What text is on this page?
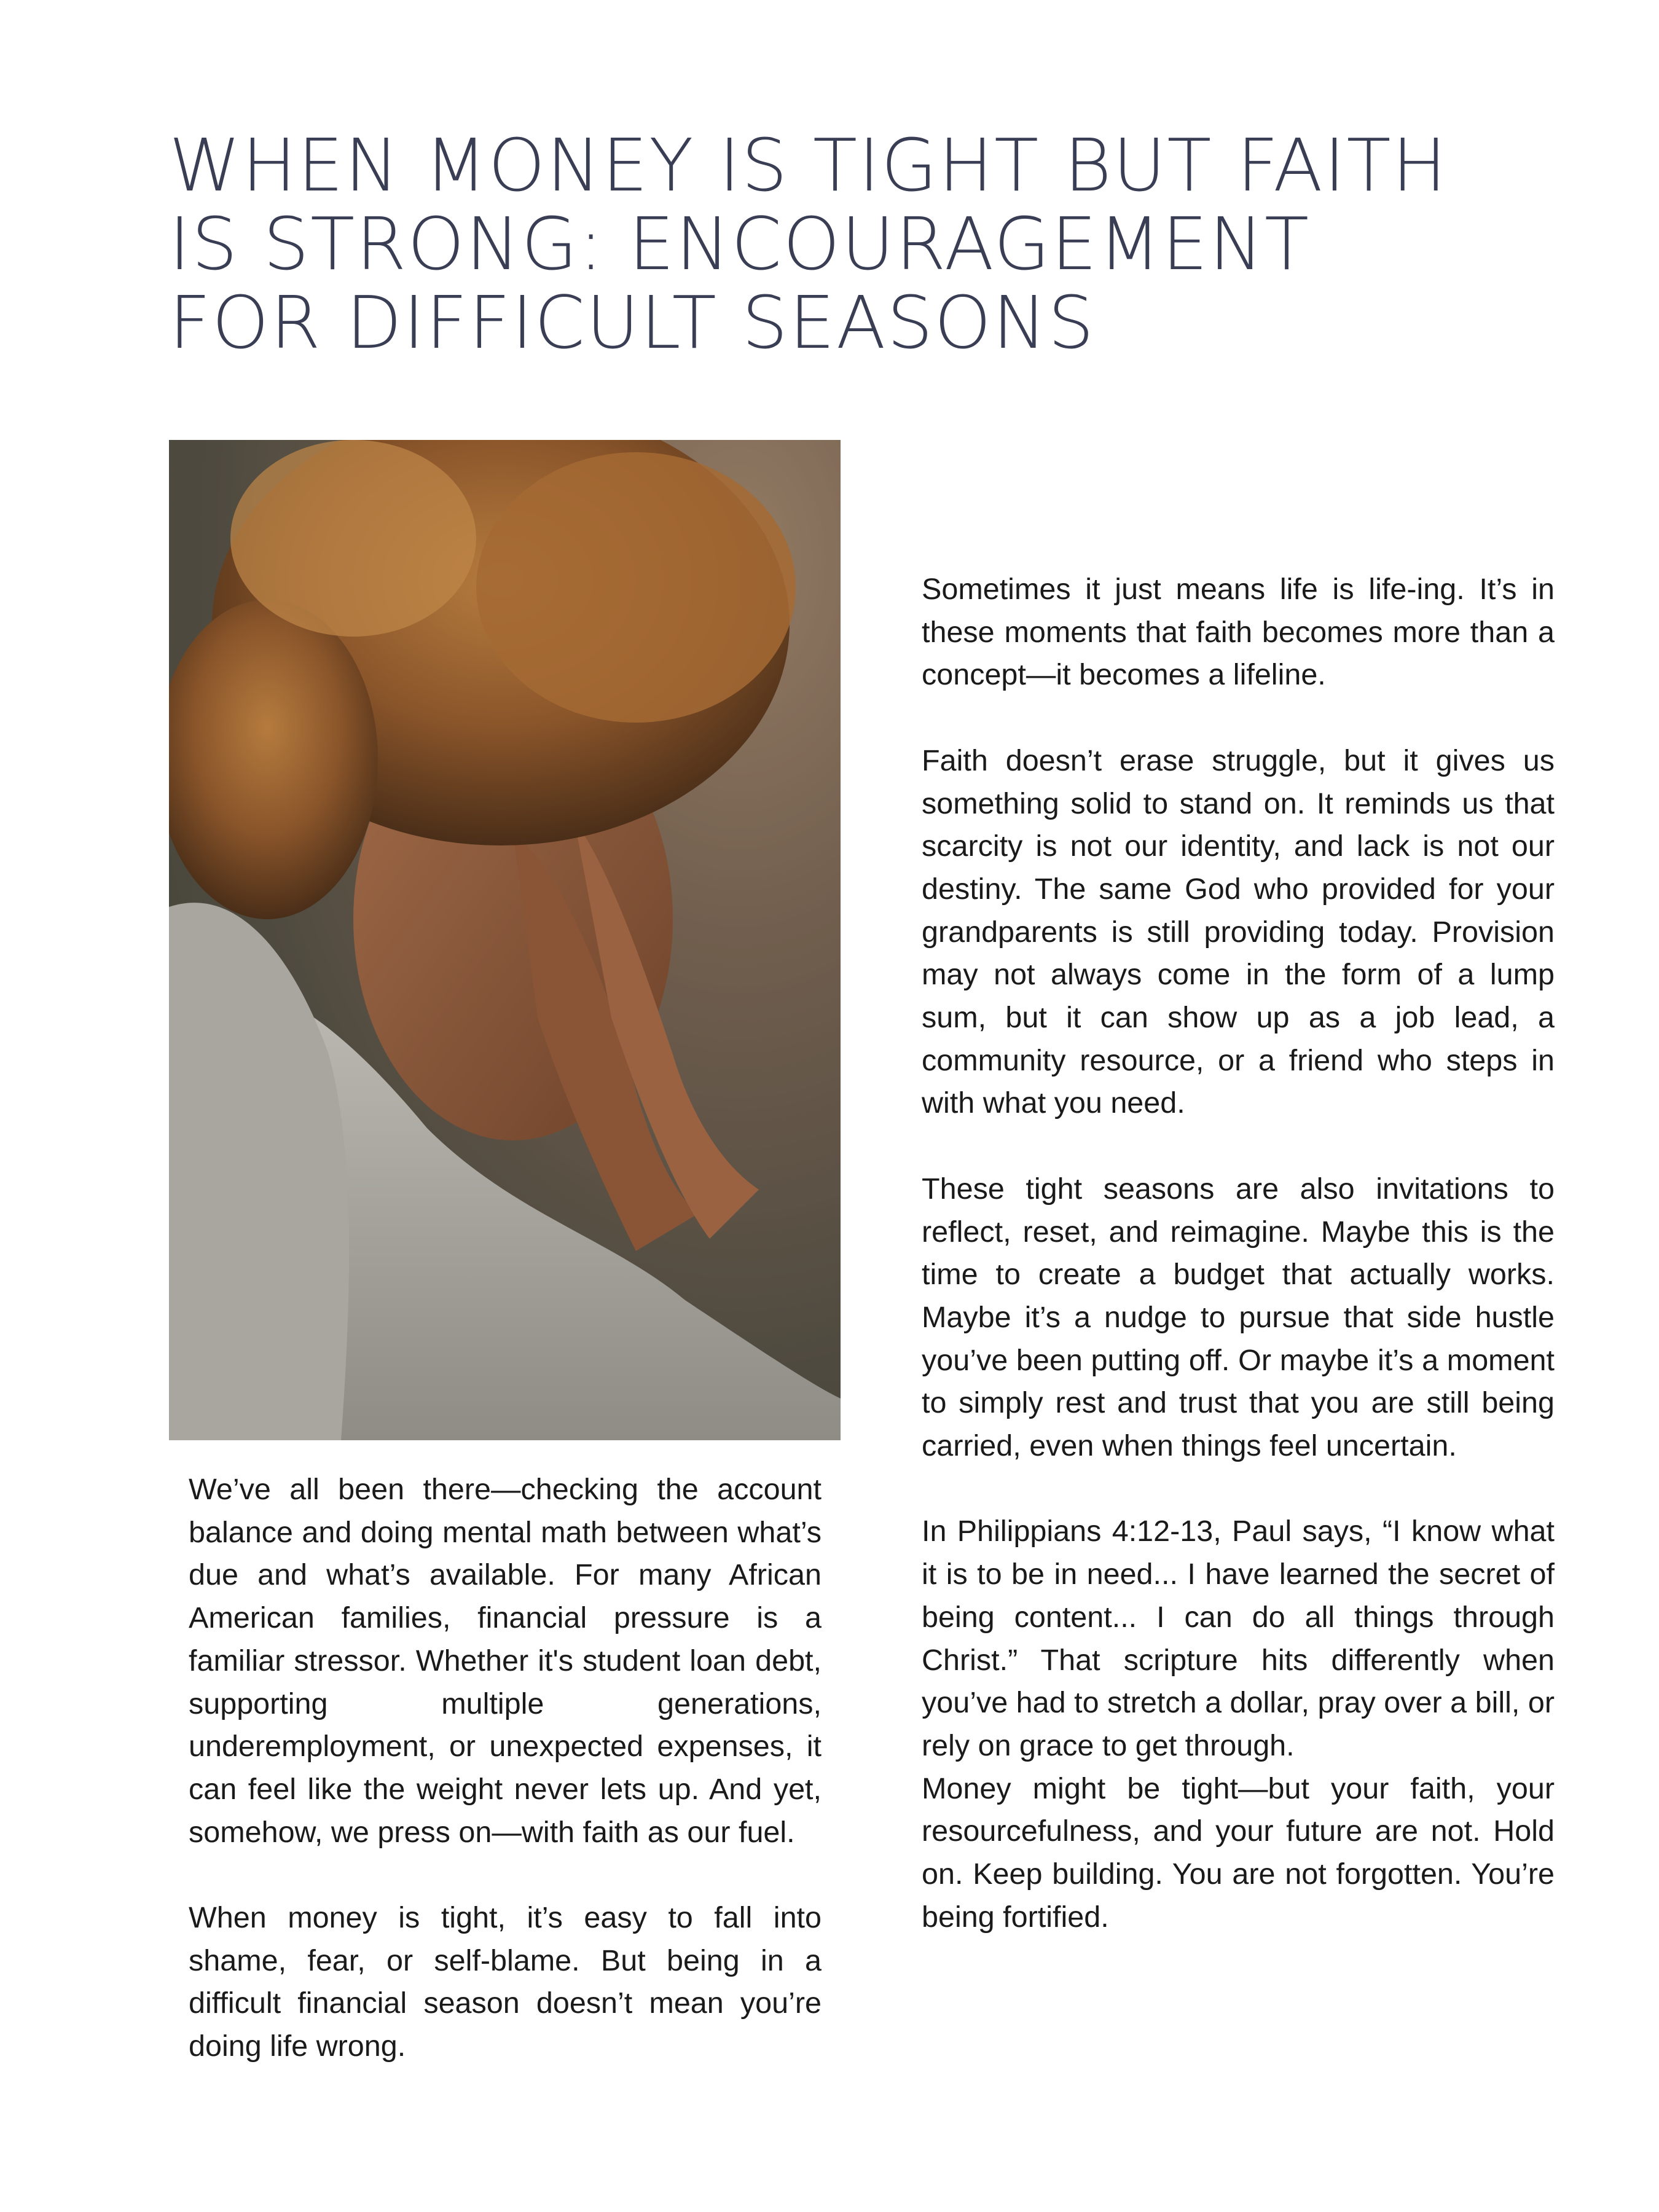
WHEN MONEY IS TIGHT BUT FAITH
IS STRONG: ENCOURAGEMENT
FOR DIFFICULT SEASONS

We’ve all been there—checking the account balance and doing mental math between what’s due and what’s available. For many African American families, financial pressure is a familiar stressor. Whether it's student loan debt, supporting multiple generations, underemployment, or unexpected expenses, it can feel like the weight never lets up. And yet, somehow, we press on—with faith as our fuel.

When money is tight, it’s easy to fall into shame, fear, or self-blame. But being in a difficult financial season doesn’t mean you’re doing life wrong.

Sometimes it just means life is life-ing. It’s in these moments that faith becomes more than a concept—it becomes a lifeline.

Faith doesn’t erase struggle, but it gives us something solid to stand on. It reminds us that scarcity is not our identity, and lack is not our destiny. The same God who provided for your grandparents is still providing today. Provision may not always come in the form of a lump sum, but it can show up as a job lead, a community resource, or a friend who steps in with what you need.

These tight seasons are also invitations to reflect, reset, and reimagine. Maybe this is the time to create a budget that actually works. Maybe it’s a nudge to pursue that side hustle you’ve been putting off. Or maybe it’s a moment to simply rest and trust that you are still being carried, even when things feel uncertain.

In Philippians 4:12-13, Paul says, “I know what it is to be in need... I have learned the secret of being content... I can do all things through Christ.” That scripture hits differently when you’ve had to stretch a dollar, pray over a bill, or rely on grace to get through.

Money might be tight—but your faith, your resourcefulness, and your future are not. Hold on. Keep building. You are not forgotten. You’re being fortified.
